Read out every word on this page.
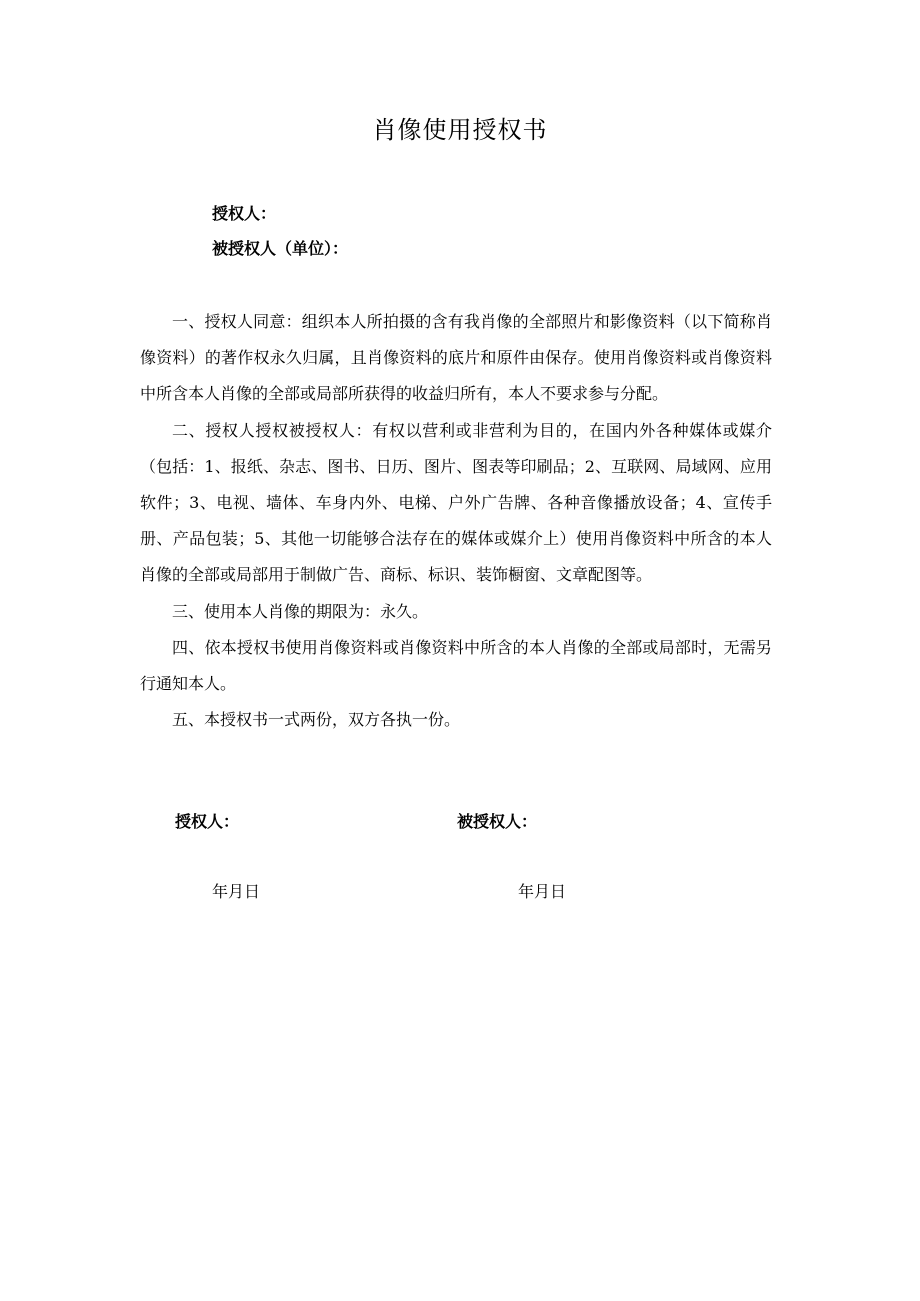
肖像使用授权书
授权人：
被授权人（单位）：

一、授权人同意：组织本人所拍摄的含有我肖像的全部照片和影像资料（以下简称肖像资料）的著作权永久归属，且肖像资料的底片和原件由保存。使用肖像资料或肖像资料中所含本人肖像的全部或局部所获得的收益归所有，本人不要求参与分配。

二、授权人授权被授权人：有权以营利或非营利为目的，在国内外各种媒体或媒介（包括：1、报纸、杂志、图书、日历、图片、图表等印刷品；2、互联网、局域网、应用软件；3、电视、墙体、车身内外、电梯、户外广告牌、各种音像播放设备；4、宣传手册、产品包装；5、其他一切能够合法存在的媒体或媒介上）使用肖像资料中所含的本人肖像的全部或局部用于制做广告、商标、标识、装饰橱窗、文章配图等。

三、使用本人肖像的期限为：永久。

四、依本授权书使用肖像资料或肖像资料中所含的本人肖像的全部或局部时，无需另行通知本人。

五、本授权书一式两份，双方各执一份。

授权人：	被授权人：
年月日	年月日
